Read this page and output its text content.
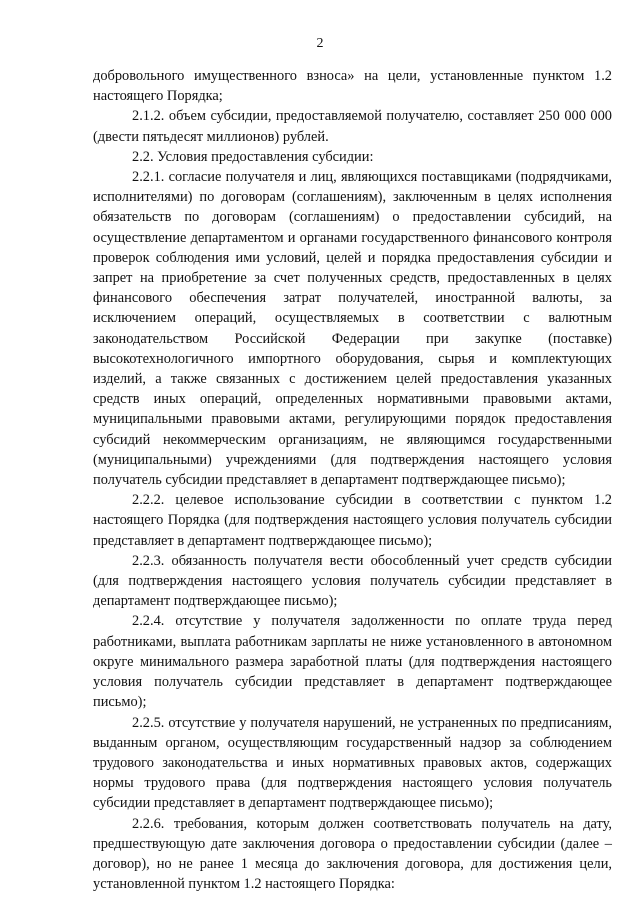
2

добровольного имущественного взноса» на цели, установленные пунктом 1.2 настоящего Порядка;

2.1.2. объем субсидии, предоставляемой получателю, составляет 250 000 000 (двести пятьдесят миллионов) рублей.

2.2. Условия предоставления субсидии:

2.2.1. согласие получателя и лиц, являющихся поставщиками (подрядчиками, исполнителями) по договорам (соглашениям), заключенным в целях исполнения обязательств по договорам (соглашениям) о предоставлении субсидий, на осуществление департаментом и органами государственного финансового контроля проверок соблюдения ими условий, целей и порядка предоставления субсидии и запрет на приобретение за счет полученных средств, предоставленных в целях финансового обеспечения затрат получателей, иностранной валюты, за исключением операций, осуществляемых в соответствии с валютным законодательством Российской Федерации при закупке (поставке) высокотехнологичного импортного оборудования, сырья и комплектующих изделий, а также связанных с достижением целей предоставления указанных средств иных операций, определенных нормативными правовыми актами, муниципальными правовыми актами, регулирующими порядок предоставления субсидий некоммерческим организациям, не являющимся государственными (муниципальными) учреждениями (для подтверждения настоящего условия получатель субсидии представляет в департамент подтверждающее письмо);

2.2.2. целевое использование субсидии в соответствии с пунктом 1.2 настоящего Порядка (для подтверждения настоящего условия получатель субсидии представляет в департамент подтверждающее письмо);

2.2.3. обязанность получателя вести обособленный учет средств субсидии (для подтверждения настоящего условия получатель субсидии представляет в департамент подтверждающее письмо);

2.2.4. отсутствие у получателя задолженности по оплате труда перед работниками, выплата работникам зарплаты не ниже установленного в автономном округе минимального размера заработной платы (для подтверждения настоящего условия получатель субсидии представляет в департамент подтверждающее письмо);

2.2.5. отсутствие у получателя нарушений, не устраненных по предписаниям, выданным органом, осуществляющим государственный надзор за соблюдением трудового законодательства и иных нормативных правовых актов, содержащих нормы трудового права (для подтверждения настоящего условия получатель субсидии представляет в департамент подтверждающее письмо);

2.2.6. требования, которым должен соответствовать получатель на дату, предшествующую дате заключения договора о предоставлении субсидии (далее – договор), но не ранее 1 месяца до заключения договора, для достижения цели, установленной пунктом 1.2 настоящего Порядка:
